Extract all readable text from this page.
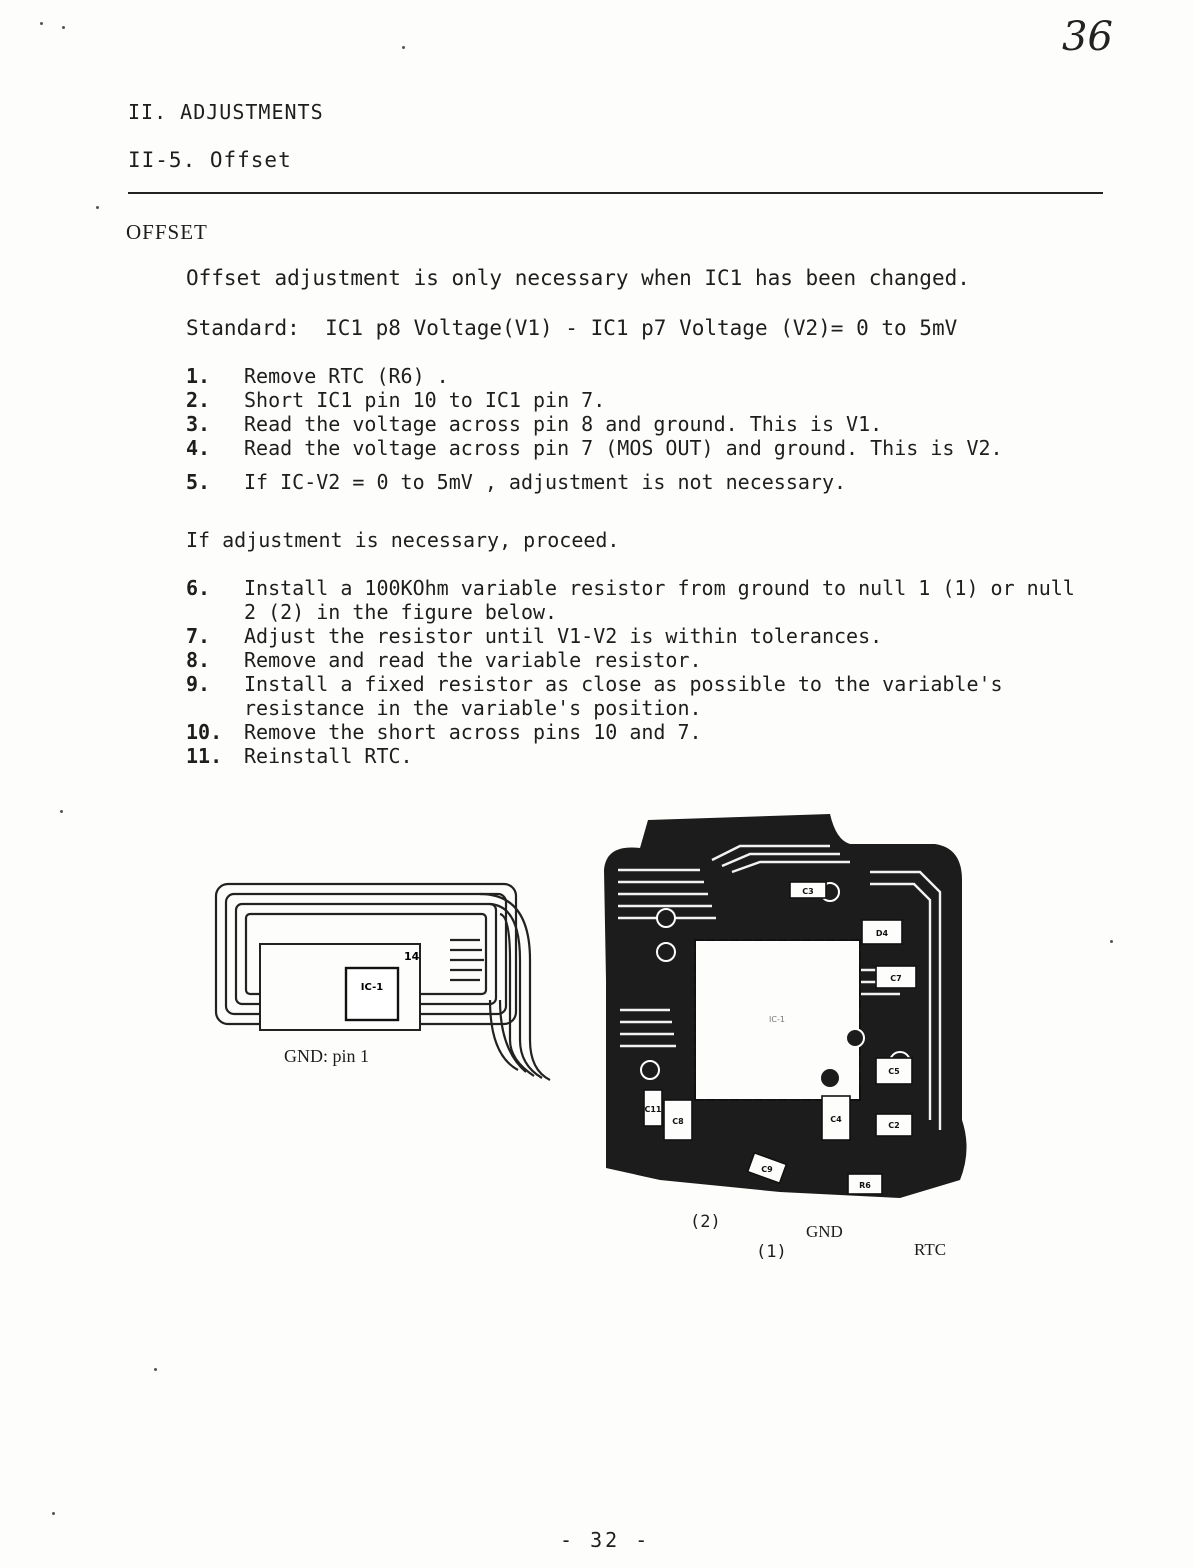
36
II. ADJUSTMENTS
II-5. Offset
OFFSET
Offset adjustment is only necessary when IC1 has been changed.
Standard:  IC1 p8 Voltage(V1) - IC1 p7 Voltage (V2)= 0 to 5mV
1.	Remove RTC (R6) .
2.	Short IC1 pin 10 to IC1 pin 7.
3.	Read the voltage across pin 8 and ground. This is V1.
4.	Read the voltage across pin 7 (MOS OUT) and ground. This is V2.
5.	If IC-V2 = 0 to 5mV , adjustment is not necessary.
If adjustment is necessary, proceed.
6.	Install a 100KOhm variable resistor from ground to null 1 (1) or null 2 (2) in the figure below.
7.	Adjust the resistor until V1-V2 is within tolerances.
8.	Remove and read the variable resistor.
9.	Install a fixed resistor as close as possible to the variable's resistance in the variable's position.
10.	Remove the short across pins 10 and 7.
11.	Reinstall RTC.
IC-1
14
GND: pin 1
IC-1
C3
D4
C7
C5
C2
C4
C8
C11
C9
R6
(2)	GND
(1)	RTC
- 32 -
